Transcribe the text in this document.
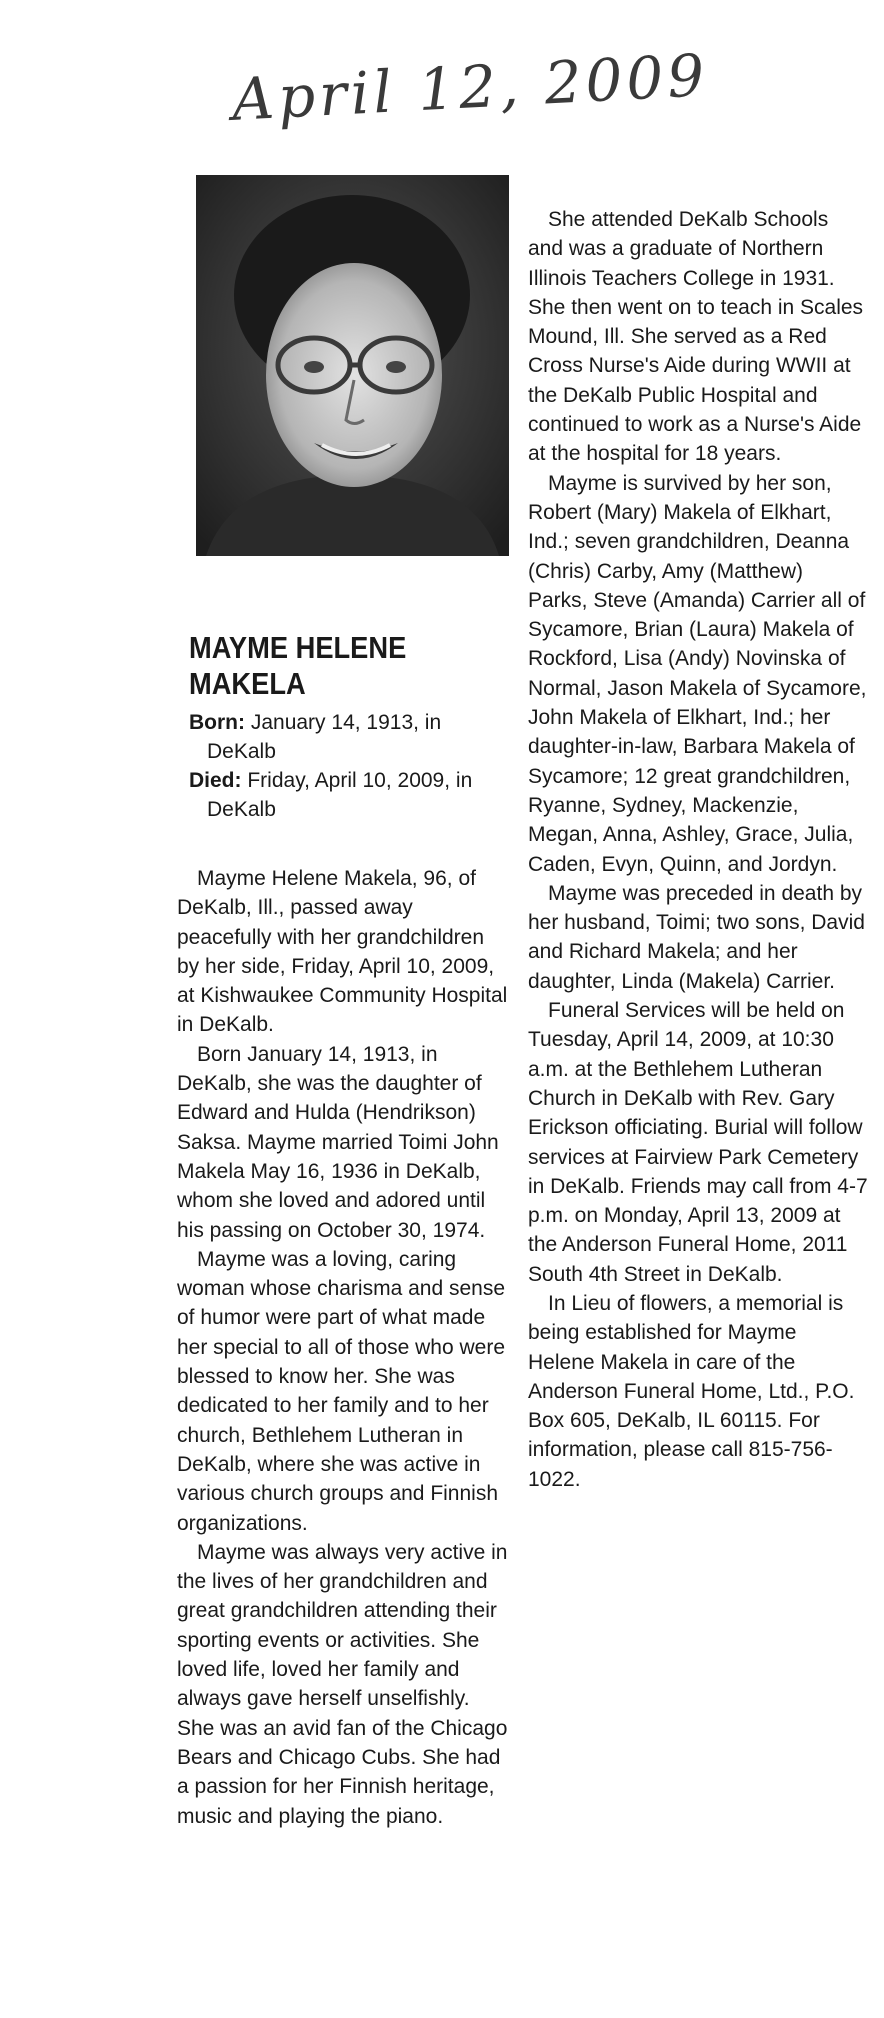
April 12, 2009
MAYME HELENE
MAKELA
Born: January 14, 1913, in
DeKalb
Died: Friday, April 10, 2009, in
DeKalb

Mayme Helene Makela, 96, of DeKalb, Ill., passed away peacefully with her grandchildren by her side, Friday, April 10, 2009, at Kishwaukee Community Hospital in DeKalb.

Born January 14, 1913, in DeKalb, she was the daughter of Edward and Hulda (Hendrikson) Saksa. Mayme married Toimi John Makela May 16, 1936 in DeKalb, whom she loved and adored until his passing on October 30, 1974.

Mayme was a loving, caring woman whose charisma and sense of humor were part of what made her special to all of those who were blessed to know her. She was dedicated to her family and to her church, Bethlehem Lutheran in DeKalb, where she was active in various church groups and Finnish organizations.

Mayme was always very active in the lives of her grandchildren and great grandchildren attending their sporting events or activities. She loved life, loved her family and always gave herself unselfishly. She was an avid fan of the Chicago Bears and Chicago Cubs. She had a passion for her Finnish heritage, music and playing the piano.

She attended DeKalb Schools and was a graduate of Northern Illinois Teachers College in 1931. She then went on to teach in Scales Mound, Ill. She served as a Red Cross Nurse's Aide during WWII at the DeKalb Public Hospital and continued to work as a Nurse's Aide at the hospital for 18 years.

Mayme is survived by her son, Robert (Mary) Makela of Elkhart, Ind.; seven grandchildren, Deanna (Chris) Carby, Amy (Matthew) Parks, Steve (Amanda) Carrier all of Sycamore, Brian (Laura) Makela of Rockford, Lisa (Andy) Novinska of Normal, Jason Makela of Sycamore, John Makela of Elkhart, Ind.; her daughter-in-law, Barbara Makela of Sycamore; 12 great grandchildren, Ryanne, Sydney, Mackenzie, Megan, Anna, Ashley, Grace, Julia, Caden, Evyn, Quinn, and Jordyn.

Mayme was preceded in death by her husband, Toimi; two sons, David and Richard Makela; and her daughter, Linda (Makela) Carrier.

Funeral Services will be held on Tuesday, April 14, 2009, at 10:30 a.m. at the Bethlehem Lutheran Church in DeKalb with Rev. Gary Erickson officiating. Burial will follow services at Fairview Park Cemetery in DeKalb. Friends may call from 4-7 p.m. on Monday, April 13, 2009 at the Anderson Funeral Home, 2011 South 4th Street in DeKalb.

In Lieu of flowers, a memorial is being established for Mayme Helene Makela in care of the Anderson Funeral Home, Ltd., P.O. Box 605, DeKalb, IL 60115. For information, please call 815-756-1022.
